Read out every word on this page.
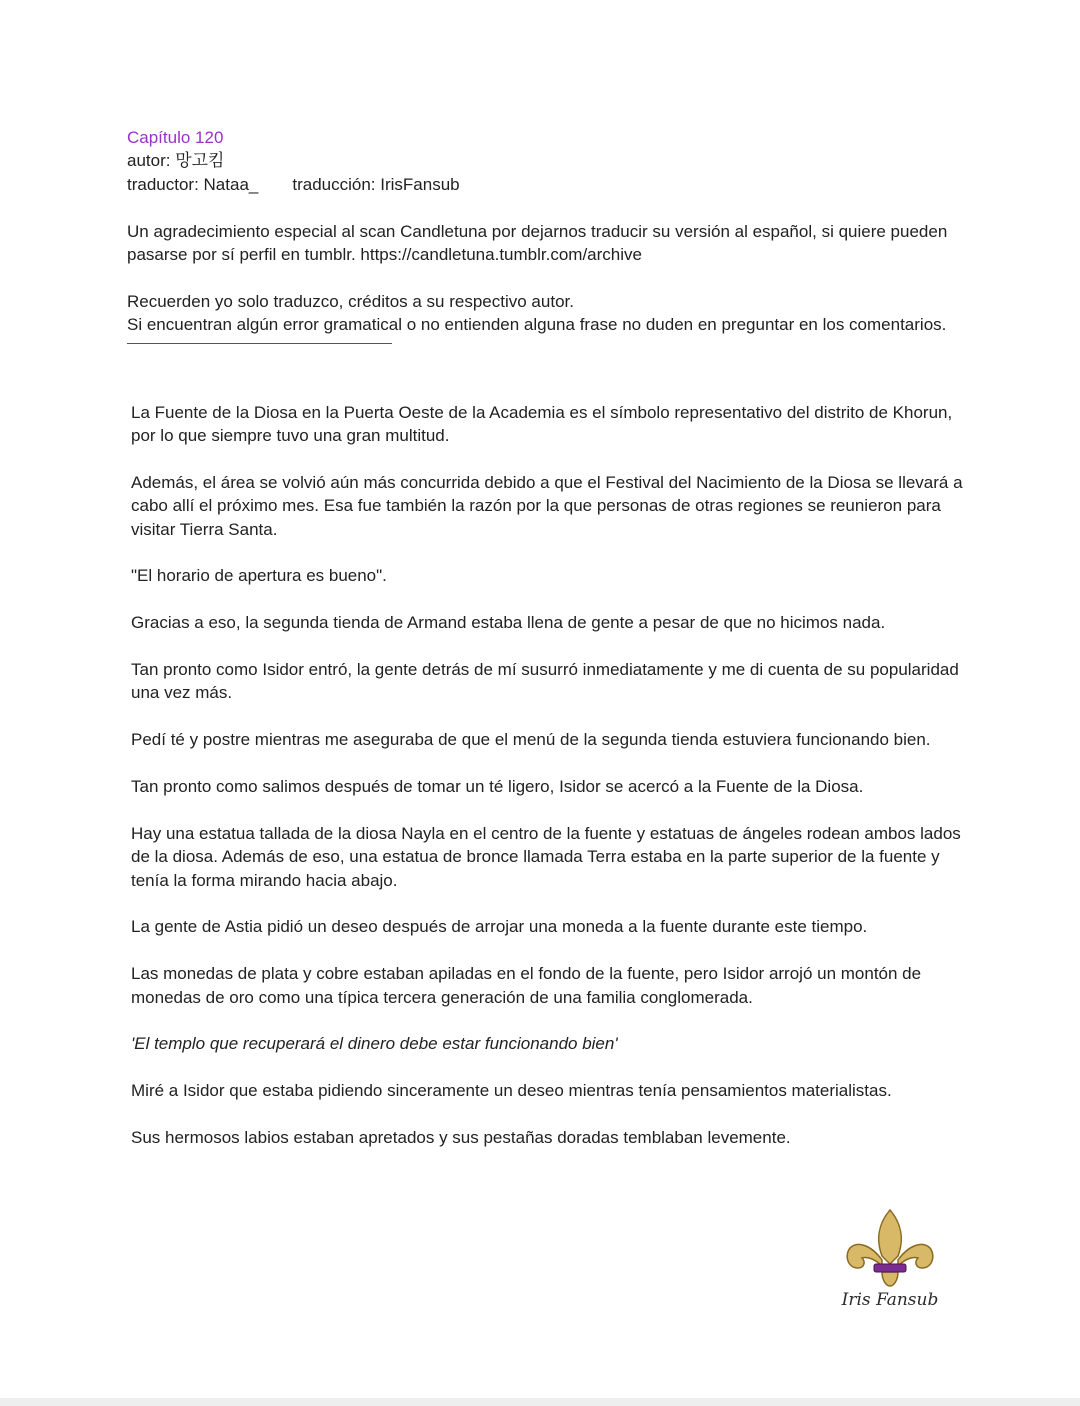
Capítulo 120
autor: 망고킴
traductor: Nataa_ traducción: IrisFansub
Un agradecimiento especial al scan Candletuna por dejarnos traducir su versión al español, si quiere pueden pasarse por sí perfil en tumblr. https://candletuna.tumblr.com/archive
Recuerden yo solo traduzco, créditos a su respectivo autor.
Si encuentran algún error gramatical o no entienden alguna frase no duden en preguntar en los comentarios.
La Fuente de la Diosa en la Puerta Oeste de la Academia es el símbolo representativo del distrito de Khorun, por lo que siempre tuvo una gran multitud.
Además, el área se volvió aún más concurrida debido a que el Festival del Nacimiento de la Diosa se llevará a cabo allí el próximo mes. Esa fue también la razón por la que personas de otras regiones se reunieron para visitar Tierra Santa.
"El horario de apertura es bueno".
Gracias a eso, la segunda tienda de Armand estaba llena de gente a pesar de que no hicimos nada.
Tan pronto como Isidor entró, la gente detrás de mí susurró inmediatamente y me di cuenta de su popularidad una vez más.
Pedí té y postre mientras me aseguraba de que el menú de la segunda tienda estuviera funcionando bien.
Tan pronto como salimos después de tomar un té ligero, Isidor se acercó a la Fuente de la Diosa.
Hay una estatua tallada de la diosa Nayla en el centro de la fuente y estatuas de ángeles rodean ambos lados de la diosa. Además de eso, una estatua de bronce llamada Terra estaba en la parte superior de la fuente y tenía la forma mirando hacia abajo.
La gente de Astia pidió un deseo después de arrojar una moneda a la fuente durante este tiempo.
Las monedas de plata y cobre estaban apiladas en el fondo de la fuente, pero Isidor arrojó un montón de monedas de oro como una típica tercera generación de una familia conglomerada.
'El templo que recuperará el dinero debe estar funcionando bien'
Miré a Isidor que estaba pidiendo sinceramente un deseo mientras tenía pensamientos materialistas.
Sus hermosos labios estaban apretados y sus pestañas doradas temblaban levemente.
Iris Fansub
